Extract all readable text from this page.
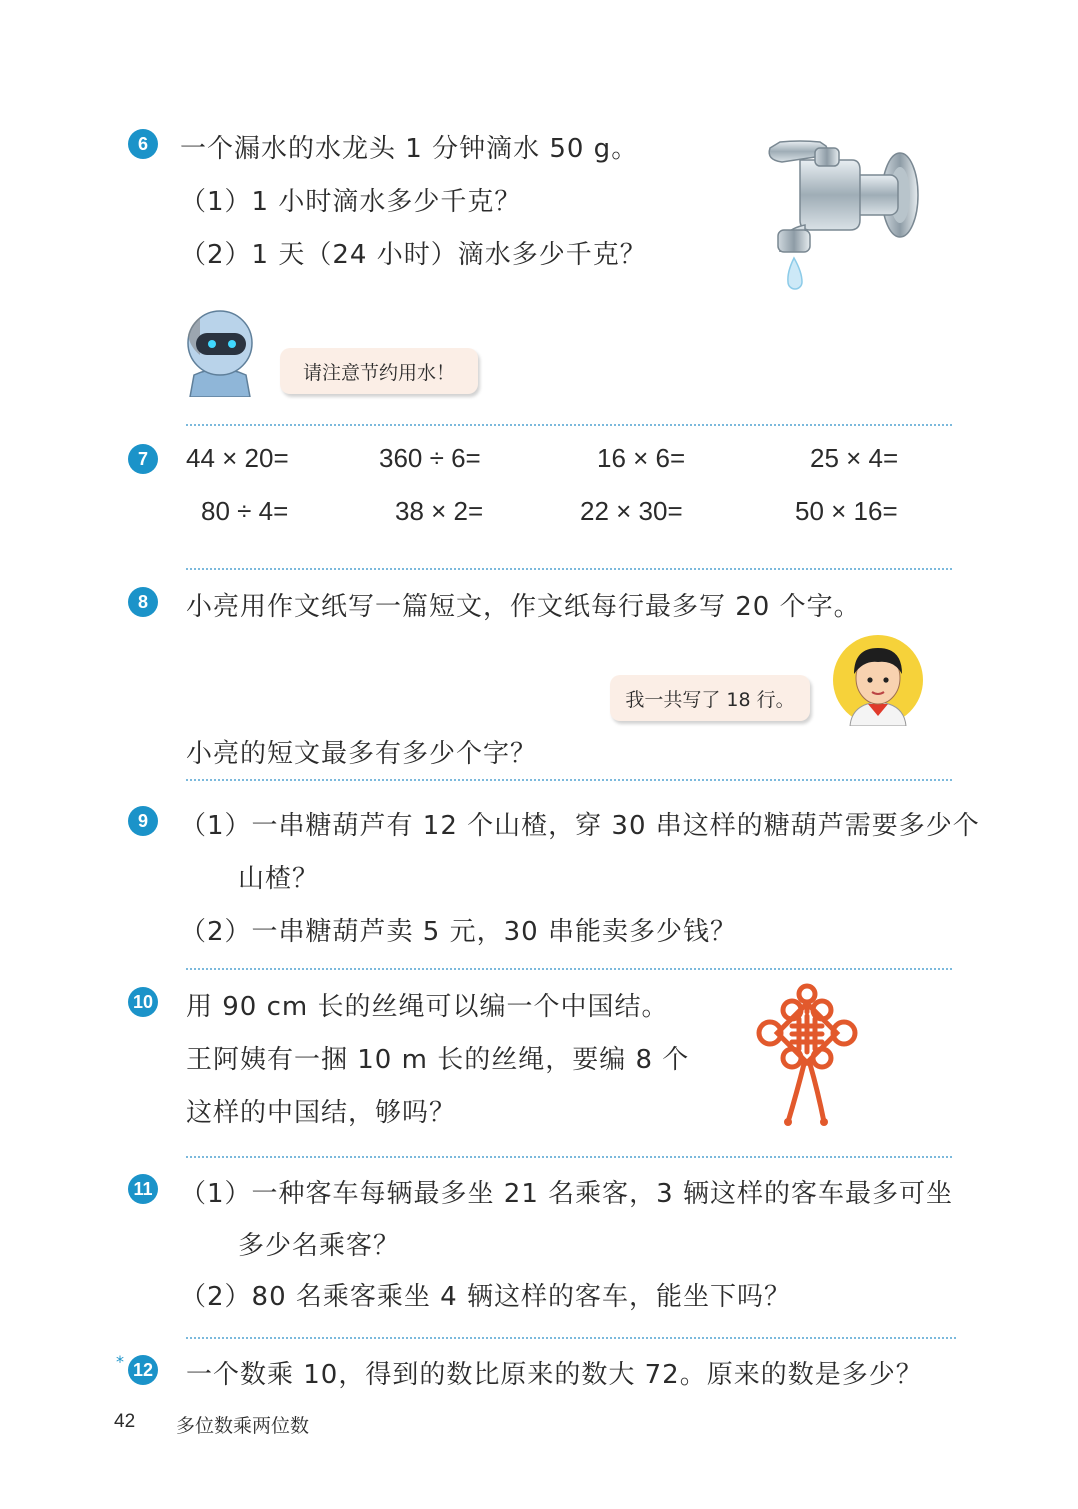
6	一个漏水的水龙头 1 分钟滴水 50 g。
（1）1 小时滴水多少千克？
（2）1 天（24 小时）滴水多少千克？
请注意节约用水！
7	44 × 20=	360 ÷ 6=	16 × 6=	25 × 4=
80 ÷ 4=	38 × 2=	22 × 30=	50 × 16=
8	小亮用作文纸写一篇短文，作文纸每行最多写 20 个字。
我一共写了 18 行。
小亮的短文最多有多少个字？
9	（1）一串糖葫芦有 12 个山楂，穿 30 串这样的糖葫芦需要多少个
山楂？
（2）一串糖葫芦卖 5 元，30 串能卖多少钱？
10 用 90 cm 长的丝绳可以编一个中国结。
王阿姨有一捆 10 m 长的丝绳，要编 8 个
这样的中国结，够吗？
11 （1）一种客车每辆最多坐 21 名乘客，3 辆这样的客车最多可坐
多少名乘客？
（2）80 名乘客乘坐 4 辆这样的客车，能坐下吗？
* 12 一个数乘 10，得到的数比原来的数大 72。原来的数是多少？
42 多位数乘两位数
